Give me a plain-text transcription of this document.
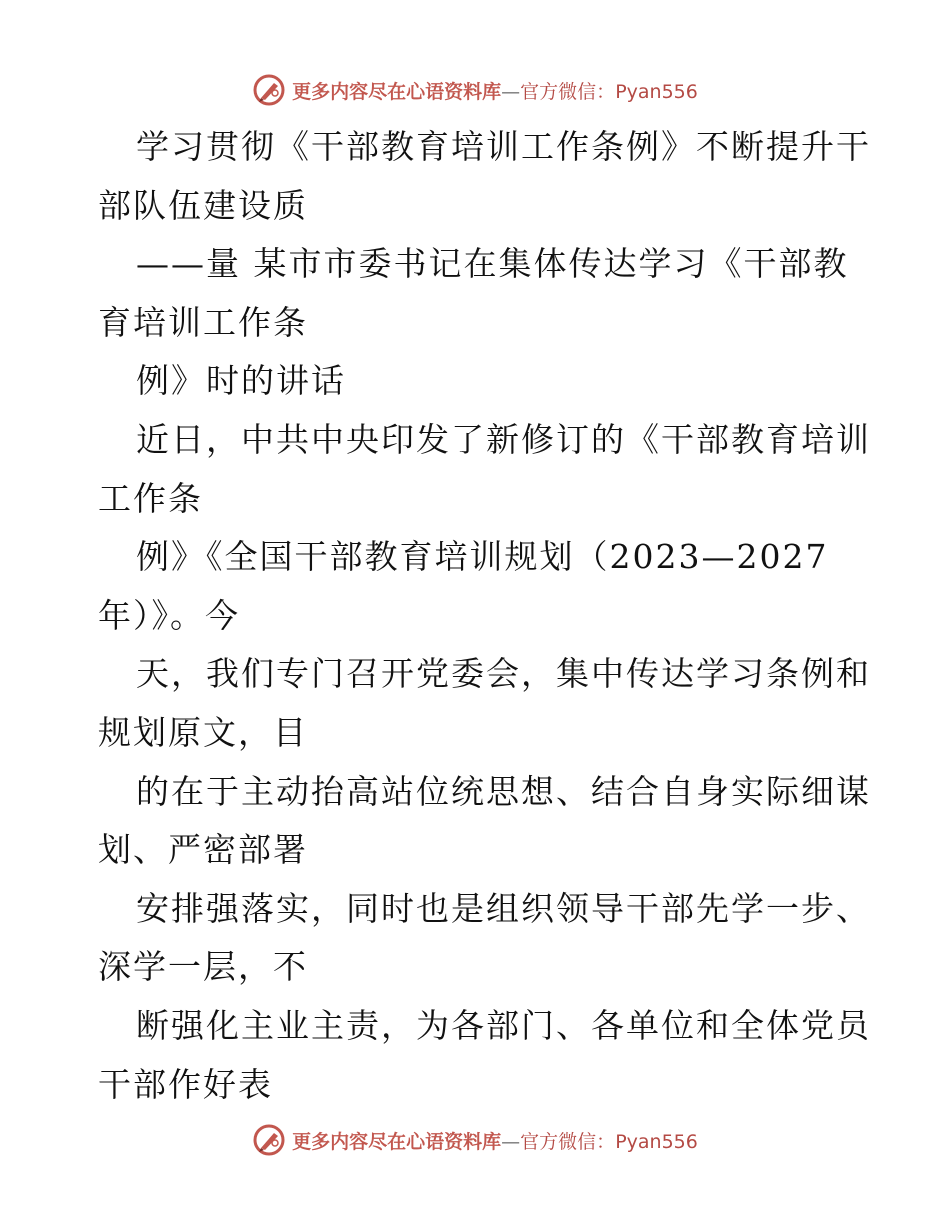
更多内容尽在心语资料库—官方微信：Pyan556
学习贯彻《干部教育培训工作条例》不断提升干
部队伍建设质
——量 某市市委书记在集体传达学习《干部教
育培训工作条
例》时的讲话
近日，中共中央印发了新修订的《干部教育培训
工作条
例》《全国干部教育培训规划（2023—2027
年）》。今
天，我们专门召开党委会，集中传达学习条例和
规划原文，目
的在于主动抬高站位统思想、结合自身实际细谋
划、严密部署
安排强落实，同时也是组织领导干部先学一步、
深学一层，不
断强化主业主责，为各部门、各单位和全体党员
干部作好表
更多内容尽在心语资料库—官方微信：Pyan556
